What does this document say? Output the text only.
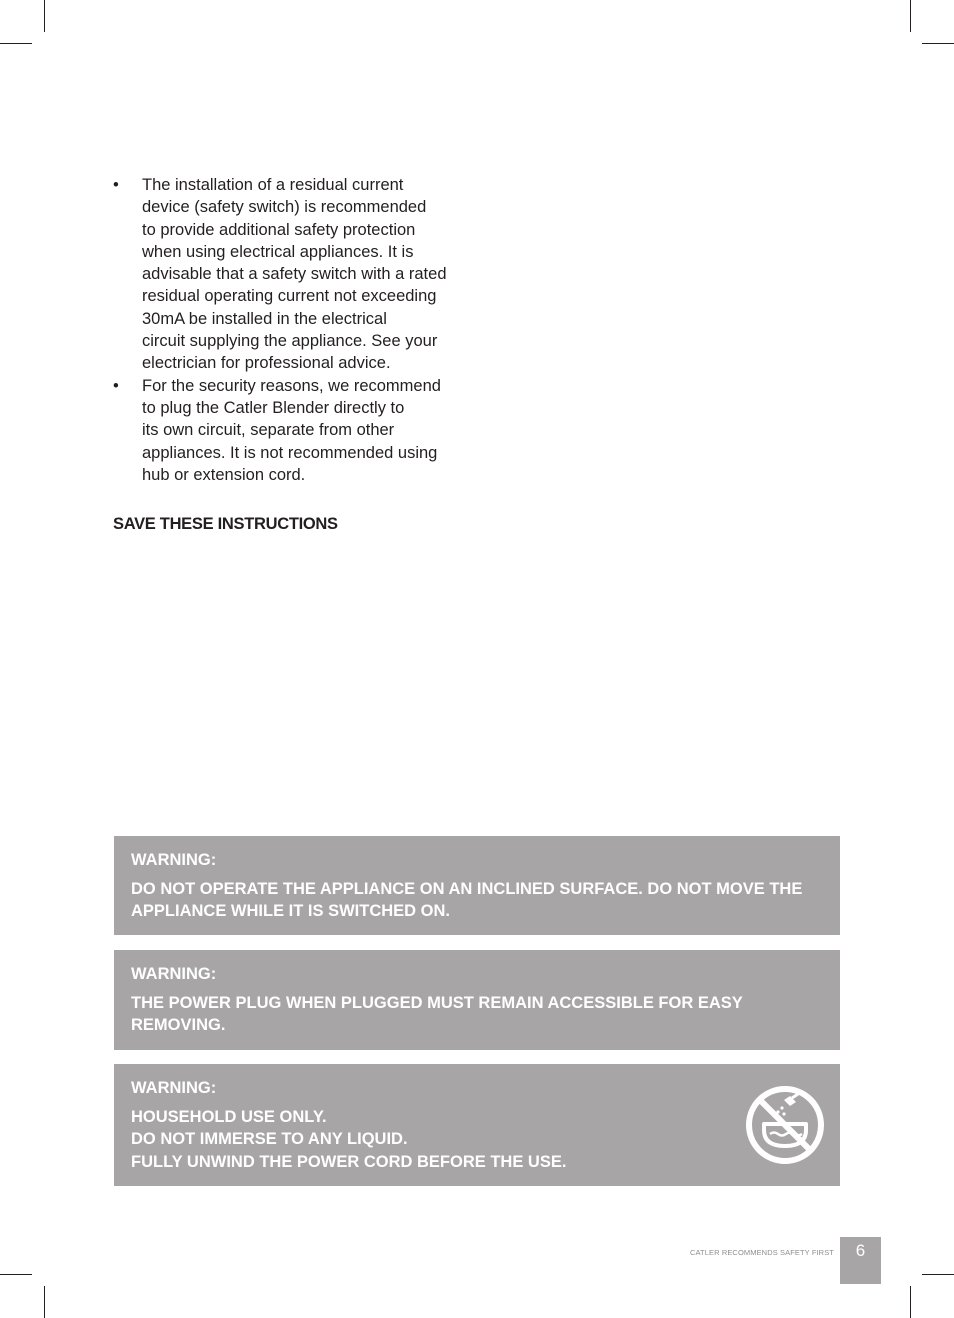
• The installation of a residual current
device (safety switch) is recommended
to provide additional safety protection
when using electrical appliances. It is
advisable that a safety switch with a rated
residual operating current not exceeding
30mA be installed in the electrical
circuit supplying the appliance. See your
electrician for professional advice.
• For the security reasons, we recommend
to plug the Catler Blender directly to
its own circuit, separate from other
appliances. It is not recommended using
hub or extension cord.
SAVE THESE INSTRUCTIONS
WARNING:
DO NOT OPERATE THE APPLIANCE ON AN INCLINED SURFACE. DO NOT MOVE THE
APPLIANCE WHILE IT IS SWITCHED ON.
WARNING:
THE POWER PLUG WHEN PLUGGED MUST REMAIN ACCESSIBLE FOR EASY
REMOVING.
WARNING:
HOUSEHOLD USE ONLY.
DO NOT IMMERSE TO ANY LIQUID.
FULLY UNWIND THE POWER CORD BEFORE THE USE.
CATLER RECOMMENDS SAFETY FIRST	6
